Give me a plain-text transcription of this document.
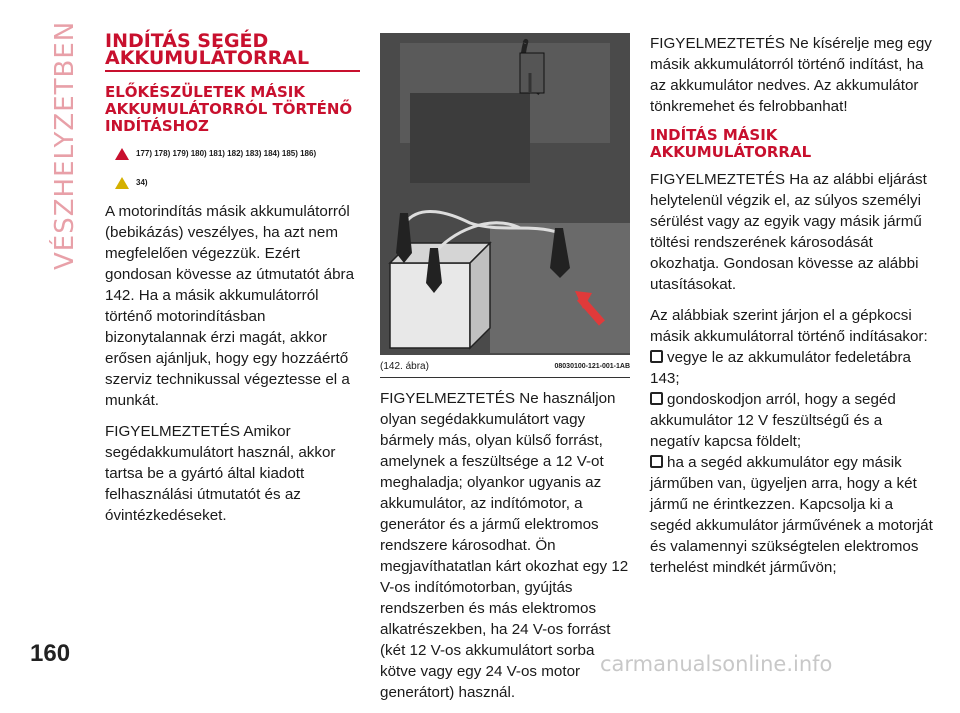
VÉSZHELYZETBEN INDÍTÁS SEGÉD AKKUMULÁTORRAL
ELŐKÉSZÜLETEK MÁSIK AKKUMULÁTORRÓL TÖRTÉNŐ INDÍTÁSHOZ
177) 178) 179) 180) 181) 182) 183) 184) 185) 186)
34)

A motorindítás másik akkumulátorról (bebikázás) veszélyes, ha azt nem megfelelően végezzük. Ezért gondosan kövesse az útmutatót ábra 142. Ha a másik akkumulátorról történő motorindításban bizonytalannak érzi magát, akkor erősen ajánljuk, hogy egy hozzáértő szerviz technikussal végeztesse el a munkát.

FIGYELMEZTETÉS Amikor segédakkumulátort használ, akkor tartsa be a gyártó által kiadott felhasználási útmutatót és az óvintézkedéseket.

(142. ábra)	08030100-121-001-1AB

FIGYELMEZTETÉS Ne használjon olyan segédakkumulátort vagy bármely más, olyan külső forrást, amelynek a feszültsége a 12 V-ot meghaladja; olyankor ugyanis az akkumulátor, az indítómotor, a generátor és a jármű elektromos rendszere károsodhat. Ön megjavíthatatlan kárt okozhat egy 12 V-os indítómotorban, gyújtás rendszerben és más elektromos alkatrészekben, ha 24 V-os forrást (két 12 V-os akkumulátort sorba kötve vagy egy 24 V-os motor generátort) használ.

FIGYELMEZTETÉS Ne kísérelje meg egy másik akkumulátorról történő indítást, ha az akkumulátor nedves. Az akkumulátor tönkremehet és felrobbanhat!

INDÍTÁS MÁSIK AKKUMULÁTORRAL

FIGYELMEZTETÉS Ha az alábbi eljárást helytelenül végzik el, az súlyos személyi sérülést vagy az egyik vagy másik jármű töltési rendszerének károsodását okozhatja. Gondosan kövesse az alábbi utasításokat.

Az alábbiak szerint járjon el a gépkocsi másik akkumulátorral történő indításakor:

vegye le az akkumulátor fedeletábra 143;

gondoskodjon arról, hogy a segéd akkumulátor 12 V feszültségű és a negatív kapcsa földelt;

ha a segéd akkumulátor egy másik járműben van, ügyeljen arra, hogy a két jármű ne érintkezzen. Kapcsolja ki a segéd akkumulátor járművének a motorját és valamennyi szükségtelen elektromos terhelést mindkét járművön;

160	carmanualsonline.info
